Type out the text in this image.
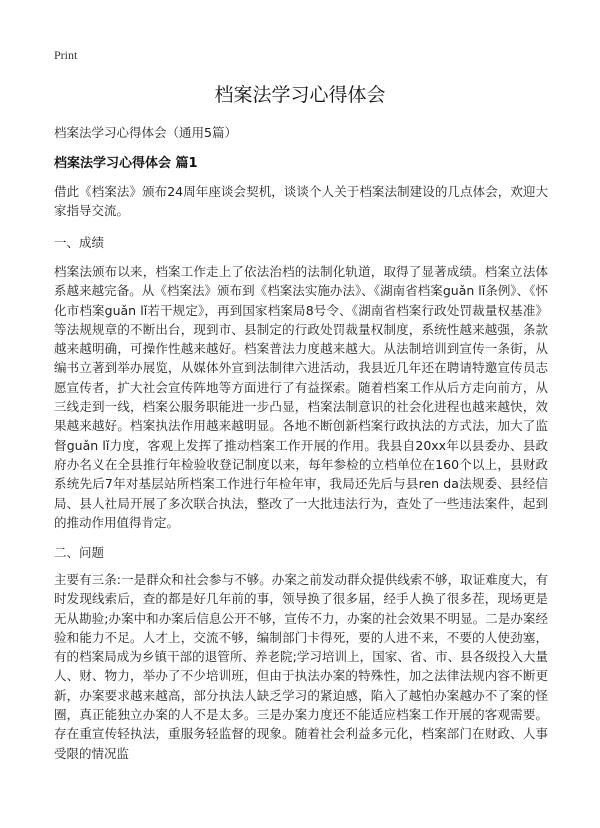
Print
档案法学习心得体会
档案法学习心得体会（通用5篇）
档案法学习心得体会 篇1

借此《档案法》颁布24周年座谈会契机，谈谈个人关于档案法制建设的几点体会，欢迎大家指导交流。

一、成绩

档案法颁布以来，档案工作走上了依法治档的法制化轨道，取得了显著成绩。档案立法体系越来越完备。从《档案法》颁布到《档案法实施办法》、《湖南省档案guǎn lǐ条例》、《怀化市档案guǎn lǐ若干规定》，再到国家档案局8号令、《湖南省档案行政处罚裁量权基准》等法规规章的不断出台，现到市、县制定的行政处罚裁量权制度，系统性越来越强，条款越来越明确，可操作性越来越好。档案普法力度越来越大。从法制培训到宣传一条街，从编书立著到举办展览，从媒体外宣到法制律六进活动，我县近几年还在聘请特邀宣传员志愿宣传者，扩大社会宣传阵地等方面进行了有益探索。随着档案工作从后方走向前方，从三线走到一线，档案公服务职能进一步凸显，档案法制意识的社会化进程也越来越快，效果越来越好。档案执法作用越来越明显。各地不断创新档案行政执法的方式法，加大了监督guǎn lǐ力度，客观上发挥了推动档案工作开展的作用。我县自20xx年以县委办、县政府办名义在全县推行年检验收登记制度以来，每年参检的立档单位在160个以上，县财政系统先后7年对基层站所档案工作进行年检年审，我局还先后与县ren da法规委、县经信局、县人社局开展了多次联合执法，整改了一大批违法行为，查处了一些违法案件，起到的推动作用值得肯定。

二、问题

主要有三条:一是群众和社会参与不够。办案之前发动群众提供线索不够，取证难度大，有时发现线索后，查的都是好几年前的事，领导换了很多届，经手人换了很多茬，现场更是无从勘验;办案中和办案后信息公开不够，宣传不力，办案的社会效果不明显。二是办案经验和能力不足。人才上，交流不够，编制部门卡得死，要的人进不来，不要的人使劲塞，有的档案局成为乡镇干部的退管所、养老院;学习培训上，国家、省、市、县各级投入大量人、财、物力，举办了不少培训班，但由于执法办案的特殊性，加之法律法规内容不断更新，办案要求越来越高，部分执法人缺乏学习的紧迫感，陷入了越怕办案越办不了案的怪圈，真正能独立办案的人不是太多。三是办案力度还不能适应档案工作开展的客观需要。存在重宣传轻执法，重服务轻监督的现象。随着社会利益多元化，档案部门在财政、人事受限的情况监
